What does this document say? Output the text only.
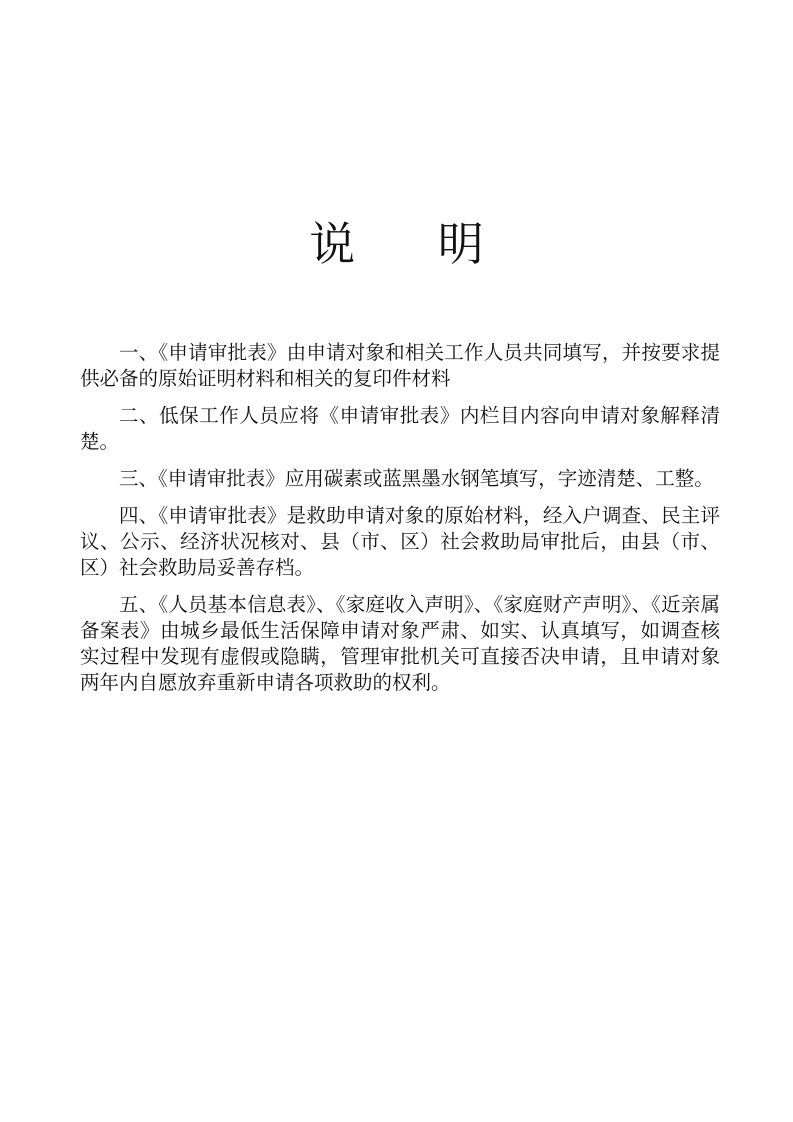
说 明

一、《申请审批表》由申请对象和相关工作人员共同填写，并按要求提供必备的原始证明材料和相关的复印件材料

二、低保工作人员应将《申请审批表》内栏目内容向申请对象解释清楚。

三、《申请审批表》应用碳素或蓝黑墨水钢笔填写，字迹清楚、工整。

四、《申请审批表》是救助申请对象的原始材料，经入户调查、民主评议、公示、经济状况核对、县（市、区）社会救助局审批后，由县（市、区）社会救助局妥善存档。

五、《人员基本信息表》、《家庭收入声明》、《家庭财产声明》、《近亲属备案表》由城乡最低生活保障申请对象严肃、如实、认真填写，如调查核实过程中发现有虚假或隐瞒，管理审批机关可直接否决申请，且申请对象两年内自愿放弃重新申请各项救助的权利。
